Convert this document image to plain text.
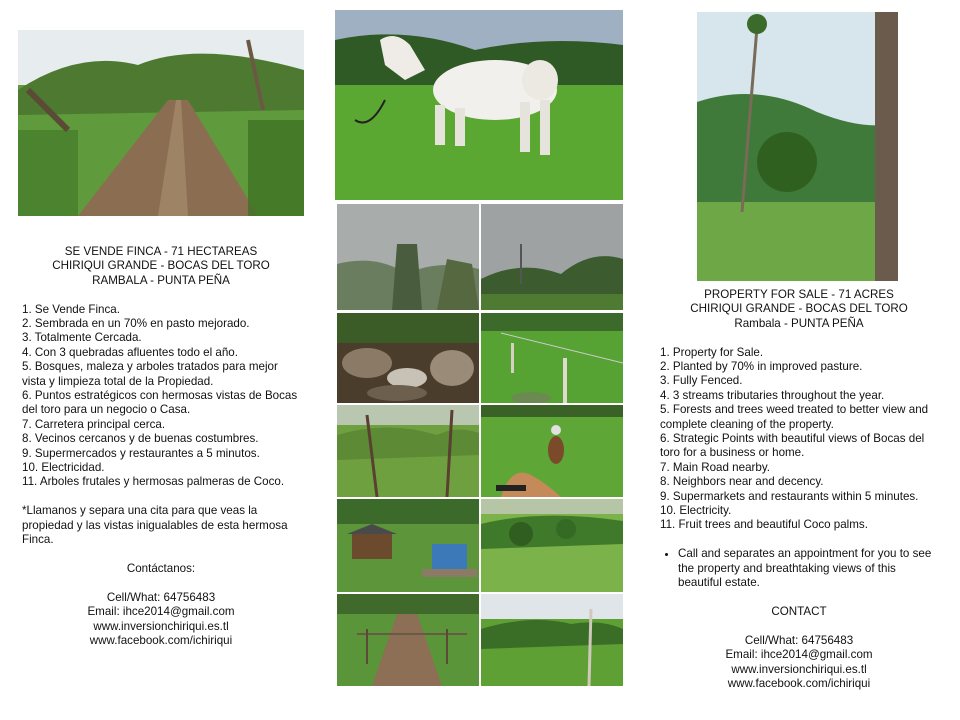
SE VENDE FINCA - 71 HECTAREAS

CHIRIQUI GRANDE - BOCAS DEL TORO

RAMBALA - PUNTA PEÑA

1. Se Vende Finca.

2. Sembrada en un 70% en pasto mejorado.

3. Totalmente Cercada.

4. Con 3 quebradas afluentes todo el año.

5. Bosques, maleza y arboles tratados para mejor vista y limpieza total de la Propiedad.

6. Puntos estratégicos con hermosas vistas de Bocas del toro para un negocio o Casa.

7. Carretera principal cerca.

8. Vecinos cercanos y de buenas costumbres.

9. Supermercados y restaurantes a 5 minutos.

10. Electricidad.

11. Arboles frutales y hermosas palmeras de Coco.

*Llamanos y separa una cita para que veas la propiedad y las vistas inigualables de esta hermosa Finca.

Contáctanos:

Cell/What: 64756483

Email: ihce2014@gmail.com

www.inversionchiriqui.es.tl

www.facebook.com/ichiriqui

PROPERTY FOR SALE - 71 ACRES

CHIRIQUI GRANDE - BOCAS DEL TORO

Rambala - PUNTA PEÑA

1. Property for Sale.

2. Planted by 70% in improved pasture.

3. Fully Fenced.

4. 3 streams tributaries throughout the year.

5. Forests and trees weed treated to better view and complete cleaning of the property.

6. Strategic Points with beautiful views of Bocas del toro for a business or home.

7. Main Road nearby.

8. Neighbors near and decency.

9. Supermarkets and restaurants within 5 minutes.

10. Electricity.

11. Fruit trees and beautiful Coco palms.

• Call and separates an appointment for you to see the property and breathtaking views of this beautiful estate.

CONTACT

Cell/What: 64756483

Email: ihce2014@gmail.com

www.inversionchiriqui.es.tl

www.facebook.com/ichiriqui
